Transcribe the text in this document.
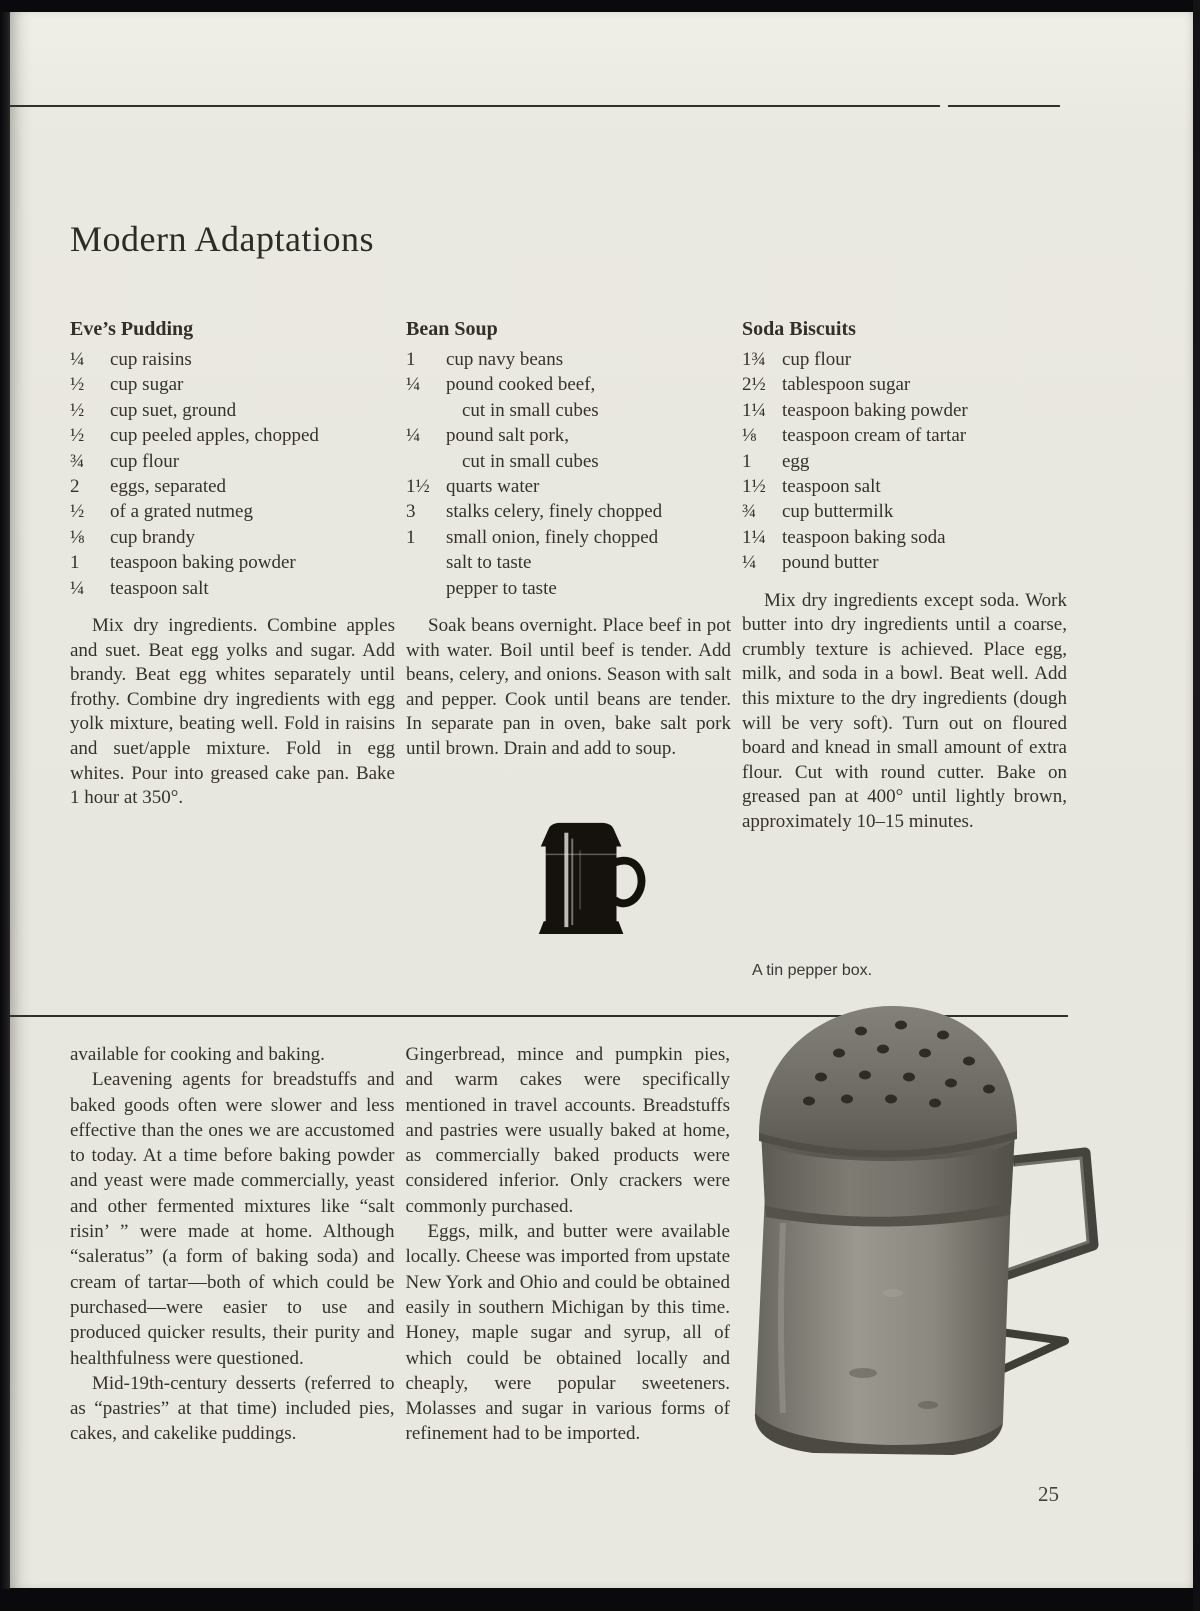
Modern Adaptations
Eve’s Pudding
¼	cup raisins
½	cup sugar
½	cup suet, ground
½	cup peeled apples, chopped
¾	cup flour
2	eggs, separated
½	of a grated nutmeg
⅛	cup brandy
1	teaspoon baking powder
¼	teaspoon salt

Mix dry ingredients. Combine apples and suet. Beat egg yolks and sugar. Add brandy. Beat egg whites separately until frothy. Combine dry ingredients with egg yolk mixture, beating well. Fold in raisins and suet/apple mixture. Fold in egg whites. Pour into greased cake pan. Bake 1 hour at 350°.

Bean Soup
1	cup navy beans
¼	pound cooked beef,
cut in small cubes
¼	pound salt pork,
cut in small cubes
1½ quarts water
3	stalks celery, finely chopped
1	small onion, finely chopped
salt to taste
pepper to taste

Soak beans overnight. Place beef in pot with water. Boil until beef is tender. Add beans, celery, and onions. Season with salt and pepper. Cook until beans are tender. In separate pan in oven, bake salt pork until brown. Drain and add to soup.

Soda Biscuits
1¾ cup flour
2½ tablespoon sugar
1¼ teaspoon baking powder
⅛	teaspoon cream of tartar
1	egg
1½ teaspoon salt
¾	cup buttermilk
1¼ teaspoon baking soda
¼	pound butter

Mix dry ingredients except soda. Work butter into dry ingredients until a coarse, crumbly texture is achieved. Place egg, milk, and soda in a bowl. Beat well. Add this mixture to the dry ingredients (dough will be very soft). Turn out on floured board and knead in small amount of extra flour. Cut with round cutter. Bake on greased pan at 400° until lightly brown, approximately 10–15 minutes.

A tin pepper box.

available for cooking and baking.

Leavening agents for breadstuffs and baked goods often were slower and less effective than the ones we are accustomed to today. At a time before baking powder and yeast were made commercially, yeast and other fermented mixtures like “salt risin’ ” were made at home. Although “saleratus” (a form of baking soda) and cream of tartar—both of which could be purchased—were easier to use and produced quicker results, their purity and healthfulness were questioned.

Mid-19th-century desserts (referred to as “pastries” at that time) included pies, cakes, and cakelike puddings.

Gingerbread, mince and pumpkin pies, and warm cakes were specifically mentioned in travel accounts. Breadstuffs and pastries were usually baked at home, as commercially baked products were considered inferior. Only crackers were commonly purchased.

Eggs, milk, and butter were available locally. Cheese was imported from upstate New York and Ohio and could be obtained easily in southern Michigan by this time. Honey, maple sugar and syrup, all of which could be obtained locally and cheaply, were popular sweeteners. Molasses and sugar in various forms of refinement had to be imported.

25
